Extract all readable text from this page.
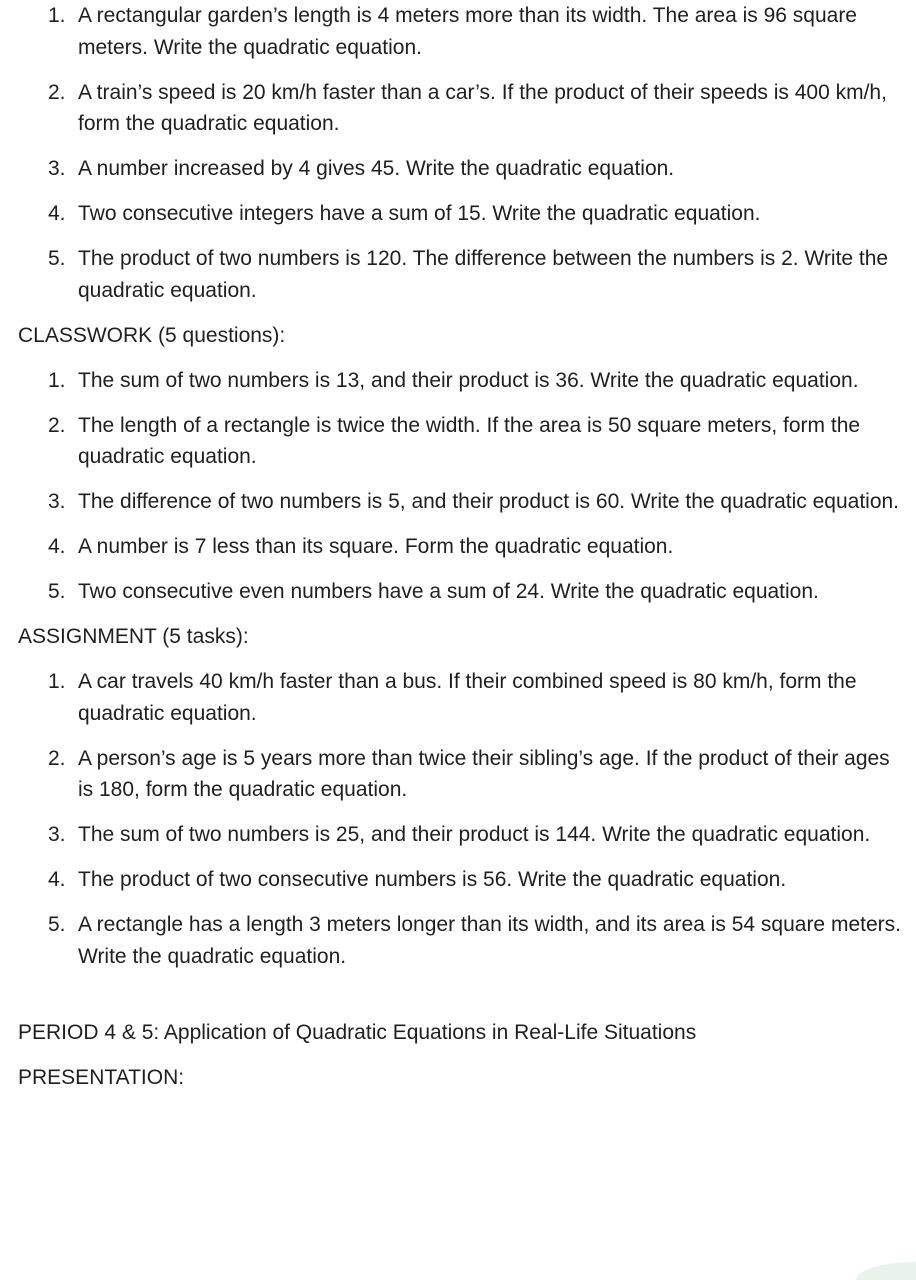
1. A rectangular garden’s length is 4 meters more than its width. The area is 96 square meters. Write the quadratic equation.
2. A train’s speed is 20 km/h faster than a car’s. If the product of their speeds is 400 km/h, form the quadratic equation.
3. A number increased by 4 gives 45. Write the quadratic equation.
4. Two consecutive integers have a sum of 15. Write the quadratic equation.
5. The product of two numbers is 120. The difference between the numbers is 2. Write the quadratic equation.
CLASSWORK (5 questions):
1. The sum of two numbers is 13, and their product is 36. Write the quadratic equation.
2. The length of a rectangle is twice the width. If the area is 50 square meters, form the quadratic equation.
3. The difference of two numbers is 5, and their product is 60. Write the quadratic equation.
4. A number is 7 less than its square. Form the quadratic equation.
5. Two consecutive even numbers have a sum of 24. Write the quadratic equation.
ASSIGNMENT (5 tasks):
1. A car travels 40 km/h faster than a bus. If their combined speed is 80 km/h, form the quadratic equation.
2. A person’s age is 5 years more than twice their sibling’s age. If the product of their ages is 180, form the quadratic equation.
3. The sum of two numbers is 25, and their product is 144. Write the quadratic equation.
4. The product of two consecutive numbers is 56. Write the quadratic equation.
5. A rectangle has a length 3 meters longer than its width, and its area is 54 square meters. Write the quadratic equation.
PERIOD 4 & 5: Application of Quadratic Equations in Real-Life Situations
PRESENTATION:
